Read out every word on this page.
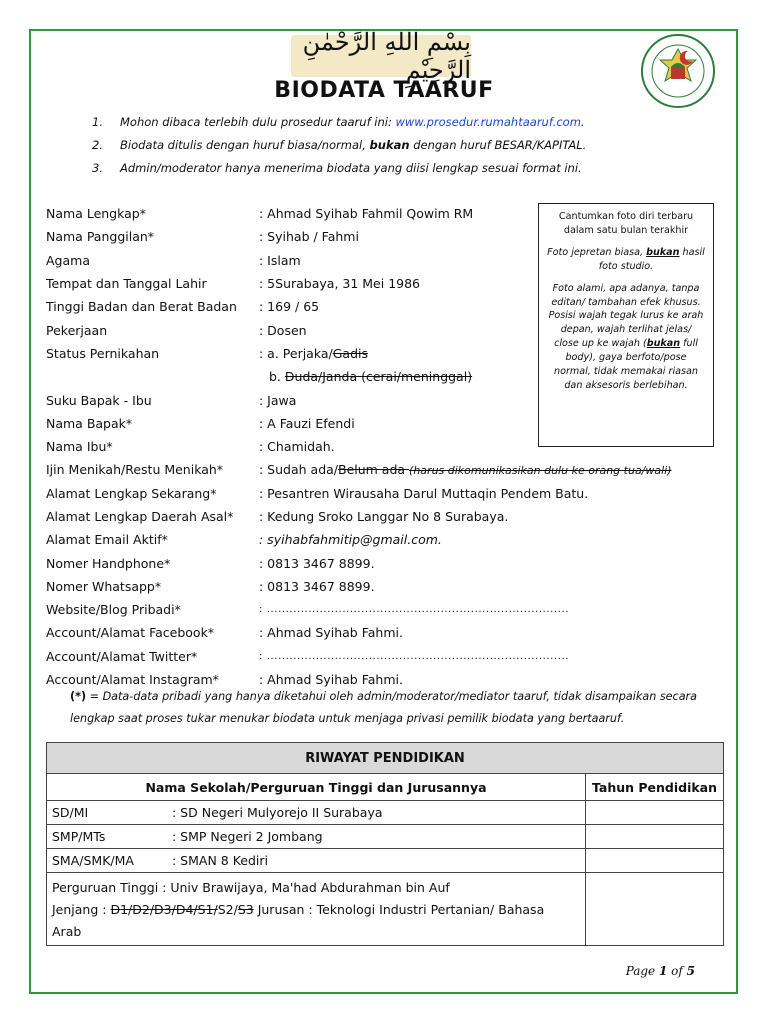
بِسْمِ اللهِ الرَّحْمٰنِ الرَّحِيْمِ
BIODATA TAARUF
1.	Mohon dibaca terlebih dulu prosedur taaruf ini: www.prosedur.rumahtaaruf.com.
2.	Biodata ditulis dengan huruf biasa/normal, bukan dengan huruf BESAR/KAPITAL.
3.	Admin/moderator hanya menerima biodata yang diisi lengkap sesuai format ini.
Nama Lengkap*	: Ahmad Syihab Fahmil Qowim RM
Nama Panggilan*	: Syihab / Fahmi
Agama	: Islam
Tempat dan Tanggal Lahir	: 5Surabaya, 31 Mei 1986
Tinggi Badan dan Berat Badan	: 169 / 65
Pekerjaan	: Dosen
Status Pernikahan	: a. Perjaka/Gadis
b. Duda/Janda (cerai/meninggal)
Suku Bapak - Ibu	: Jawa
Nama Bapak*	: A Fauzi Efendi
Nama Ibu*	: Chamidah.
Ijin Menikah/Restu Menikah*	: Sudah ada/Belum ada (harus dikomunikasikan dulu ke orang tua/wali)
Alamat Lengkap Sekarang*	: Pesantren Wirausaha Darul Muttaqin Pendem Batu.
Alamat Lengkap Daerah Asal*	: Kedung Sroko Langgar No 8 Surabaya.
Alamat Email Aktif*	: syihabfahmitip@gmail.com.
Nomer Handphone*	: 0813 3467 8899.
Nomer Whatsapp*	: 0813 3467 8899.
Website/Blog Pribadi*	: ................................................................................
Account/Alamat Facebook*	: Ahmad Syihab Fahmi.
Account/Alamat Twitter*	: ................................................................................
Account/Alamat Instagram*	: Ahmad Syihab Fahmi.

Cantumkan foto diri terbaru dalam satu bulan terakhir

Foto jepretan biasa, bukan hasil foto studio.

Foto alami, apa adanya, tanpa editan/ tambahan efek khusus. Posisi wajah tegak lurus ke arah depan, wajah terlihat jelas/ close up ke wajah (bukan full body), gaya berfoto/pose normal, tidak memakai riasan dan aksesoris berlebihan.

(*) = Data-data pribadi yang hanya diketahui oleh admin/moderator/mediator taaruf, tidak disampaikan secara lengkap saat proses tukar menukar biodata untuk menjaga privasi pemilik biodata yang bertaaruf.
RIWAYAT PENDIDIKAN	
Nama Sekolah/Perguruan Tinggi dan Jurusannya	Tahun Pendidikan
SD/MI : SD Negeri Mulyorejo II Surabaya	
SMP/MTs : SMP Negeri 2 Jombang	
SMA/SMK/MA : SMAN 8 Kediri	

Perguruan Tinggi : Univ Brawijaya, Ma'had Abdurahman bin Auf
Jenjang : D1/D2/D3/D4/S1/S2/S3 Jurusan : Teknologi Industri Pertanian/ Bahasa
Arab	

Page 1 of 5
